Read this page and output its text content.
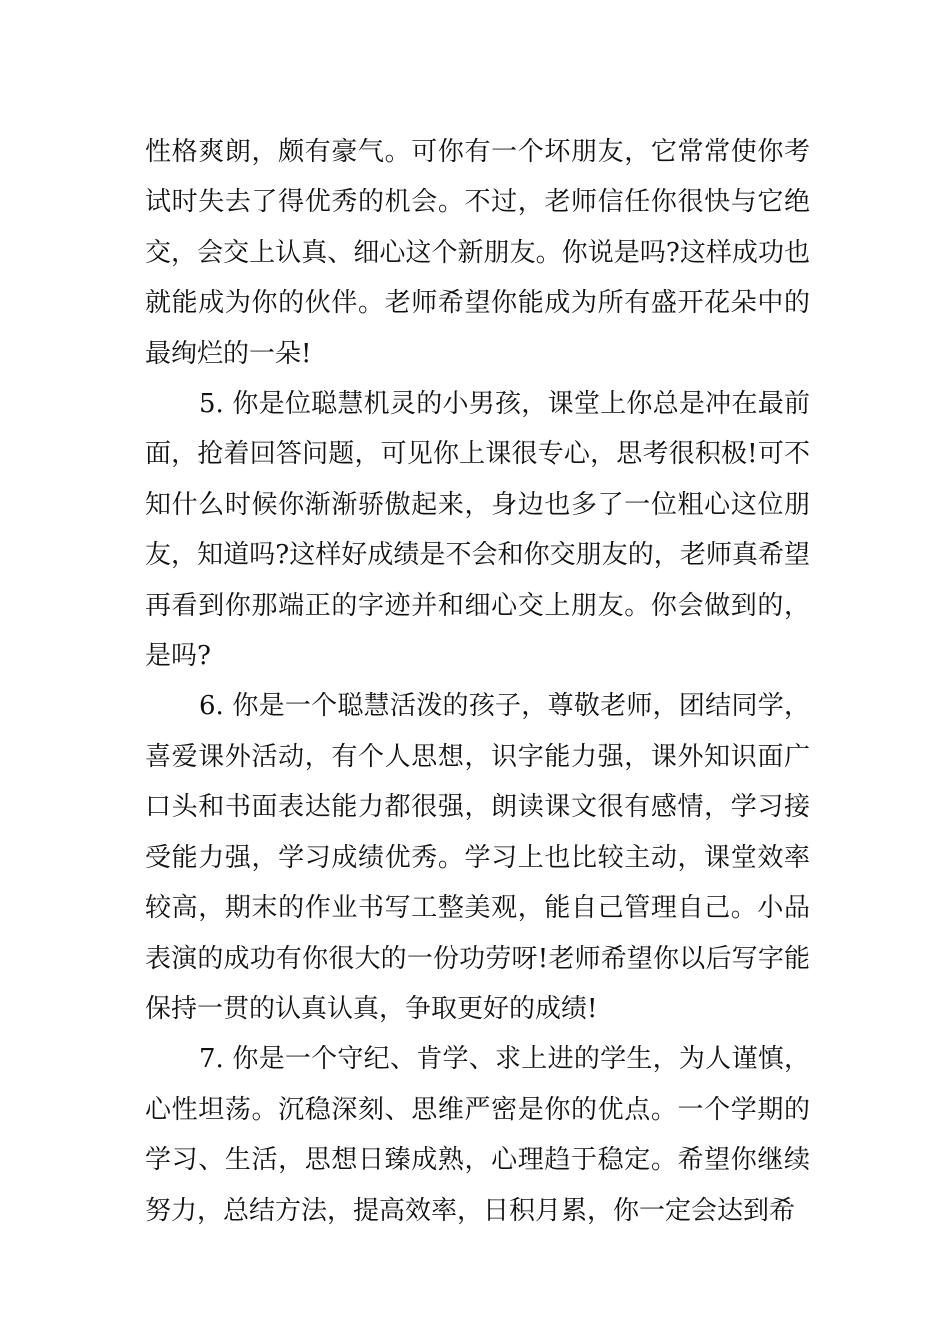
性格爽朗，颇有豪气。可你有一个坏朋友，它常常使你考试时失去了得优秀的机会。不过，老师信任你很快与它绝交，会交上认真、细心这个新朋友。你说是吗?这样成功也就能成为你的伙伴。老师希望你能成为所有盛开花朵中的最绚烂的一朵!

5. 你是位聪慧机灵的小男孩，课堂上你总是冲在最前面，抢着回答问题，可见你上课很专心，思考很积极!可不知什么时候你渐渐骄傲起来，身边也多了一位粗心这位朋友，知道吗?这样好成绩是不会和你交朋友的，老师真希望再看到你那端正的字迹并和细心交上朋友。你会做到的，是吗?

6. 你是一个聪慧活泼的孩子，尊敬老师，团结同学，喜爱课外活动，有个人思想，识字能力强，课外知识面广口头和书面表达能力都很强，朗读课文很有感情，学习接受能力强，学习成绩优秀。学习上也比较主动，课堂效率较高，期末的作业书写工整美观，能自己管理自己。小品表演的成功有你很大的一份功劳呀!老师希望你以后写字能保持一贯的认真认真，争取更好的成绩!

7. 你是一个守纪、肯学、求上进的学生，为人谨慎，心性坦荡。沉稳深刻、思维严密是你的优点。一个学期的学习、生活，思想日臻成熟，心理趋于稳定。希望你继续努力，总结方法，提高效率，日积月累，你一定会达到希
